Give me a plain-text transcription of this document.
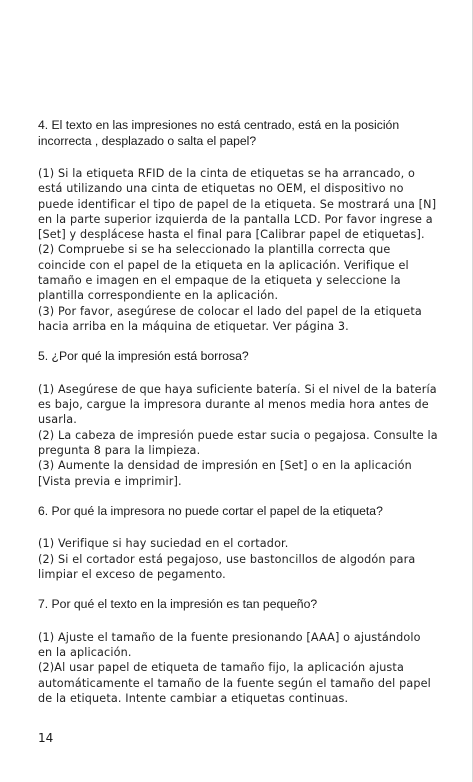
4. El texto en las impresiones no está centrado, está en la posición incorrecta , desplazado o salta el papel?

(1) Si la etiqueta RFID de la cinta de etiquetas se ha arrancado, o está utilizando una cinta de etiquetas no OEM, el dispositivo no puede identificar el tipo de papel de la etiqueta. Se mostrará una [N] en la parte superior izquierda de la pantalla LCD. Por favor ingrese a [Set] y desplácese hasta el final para [Calibrar papel de etiquetas].

(2) Compruebe si se ha seleccionado la plantilla correcta que coincide con el papel de la etiqueta en la aplicación. Verifique el tamaño e imagen en el empaque de la etiqueta y seleccione la plantilla correspondiente en la aplicación.

(3) Por favor, asegúrese de colocar el lado del papel de la etiqueta hacia arriba en la máquina de etiquetar. Ver página 3.

5. ¿Por qué la impresión está borrosa?

(1) Asegúrese de que haya suficiente batería. Si el nivel de la batería es bajo, cargue la impresora durante al menos media hora antes de usarla.

(2) La cabeza de impresión puede estar sucia o pegajosa. Consulte la pregunta 8 para la limpieza.

(3) Aumente la densidad de impresión en [Set] o en la aplicación [Vista previa e imprimir].

6. Por qué la impresora no puede cortar el papel de la etiqueta?

(1) Verifique si hay suciedad en el cortador.

(2) Si el cortador está pegajoso, use bastoncillos de algodón para limpiar el exceso de pegamento.

7. Por qué el texto en la impresión es tan pequeño?

(1) Ajuste el tamaño de la fuente presionando [AAA] o ajustándolo en la aplicación.

(2)Al usar papel de etiqueta de tamaño fijo, la aplicación ajusta automáticamente el tamaño de la fuente según el tamaño del papel de la etiqueta. Intente cambiar a etiquetas continuas.

14
